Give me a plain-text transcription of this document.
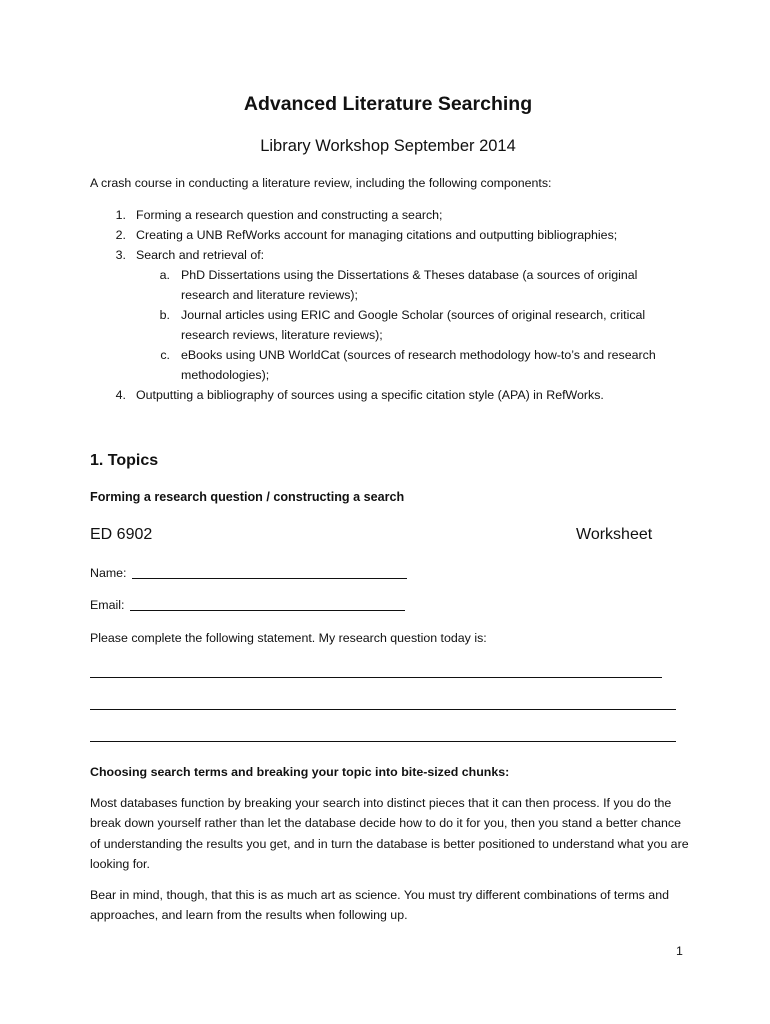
Advanced Literature Searching
Library Workshop September 2014
A crash course in conducting a literature review, including the following components:
1. Forming a research question and constructing a search;
2. Creating a UNB RefWorks account for managing citations and outputting bibliographies;
3. Search and retrieval of:
a. PhD Dissertations using the Dissertations & Theses database (a sources of original
research and literature reviews);
b. Journal articles using ERIC and Google Scholar (sources of original research, critical
research reviews, literature reviews);
c. eBooks using UNB WorldCat (sources of research methodology how-to’s and research
methodologies);
4. Outputting a bibliography of sources using a specific citation style (APA) in RefWorks.
1. Topics
Forming a research question / constructing a search
ED 6902	Worksheet
Name:
Email:
Please complete the following statement. My research question today is:
Choosing search terms and breaking your topic into bite-sized chunks:
Most databases function by breaking your search into distinct pieces that it can then process. If you do the break down yourself rather than let the database decide how to do it for you, then you stand a better chance of understanding the results you get, and in turn the database is better positioned to understand what you are looking for.
Bear in mind, though, that this is as much art as science. You must try different combinations of terms and approaches, and learn from the results when following up.
1
